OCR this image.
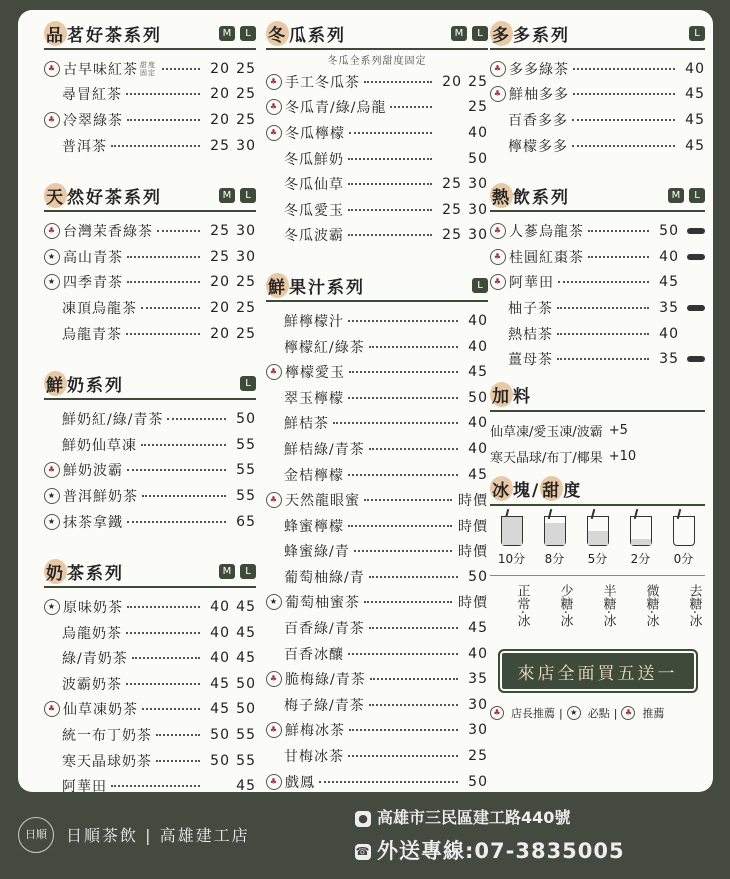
品 茗好茶系列	M	L
♣ 古早味紅茶 甜度固定	20 25
尋冒紅茶	20 25
♣ 冷翠綠茶	20 25
普洱茶	25 30
天 然好茶系列	M	L
♣ 台灣茉香綠茶	25 30
★ 高山青茶	25 30
★ 四季青茶	20 25
凍頂烏龍茶	20 25
烏龍青茶	20 25
鮮 奶系列	L
鮮奶紅/綠/青茶	50
鮮奶仙草凍	55
♣ 鮮奶波霸	55
★ 普洱鮮奶茶	55
★ 抹茶拿鐵	65
奶 茶系列	M	L
★ 原味奶茶	40 45
烏龍奶茶	40 45
綠/青奶茶	40 45
波霸奶茶	45 50
♣ 仙草凍奶茶	45 50
統一布丁奶茶	50 55
寒天晶球奶茶	50 55
阿華田	45
冬 瓜系列	M	L
冬瓜全系列甜度固定
♣ 手工冬瓜茶	20 25
♣ 冬瓜青/綠/烏龍	25
♣ 冬瓜檸檬	40
冬瓜鮮奶	50
冬瓜仙草	25 30
冬瓜愛玉	25 30
冬瓜波霸	25 30
鮮 果汁系列	L
鮮檸檬汁	40
檸檬紅/綠茶	40
♣ 檸檬愛玉	45
翠玉檸檬	50
鮮桔茶	40
鮮桔綠/青茶	40
金桔檸檬	45
♣ 天然龍眼蜜	時價
蜂蜜檸檬	時價
蜂蜜綠/青	時價
葡萄柚綠/青	50
★ 葡萄柚蜜茶	時價
百香綠/青茶	45
百香冰釀	40
♣ 脆梅綠/青茶	35
梅子綠/青茶	30
♣ 鮮梅冰茶	30
甘梅冰茶	25
♣ 戲鳳	50
多 多系列	L
♣ 多多綠茶	40
♣ 鮮柚多多	45
百香多多	45
檸檬多多	45
熱 飲系列	M	L
♣ 人蔘烏龍茶	50
♣ 桂圓紅棗茶	40
♣ 阿華田	45
柚子茶	35
熱桔茶	40
薑母茶	35
加 料
仙草凍/愛玉凍/波霸 +5
寒天晶球/布丁/椰果 +10
冰 塊/ 甜 度
10分	8分	5分	2分	0分
正常·冰	少糖·冰	半糖·冰	微糖·冰	去糖·冰
來店全面買五送一
♣ 店長推薦 | ★ 必點 | ♣ 推薦
日順	日順茶飲 | 高雄建工店
● 高雄市三民區建工路440號
☎ 外送專線:07-3835005
